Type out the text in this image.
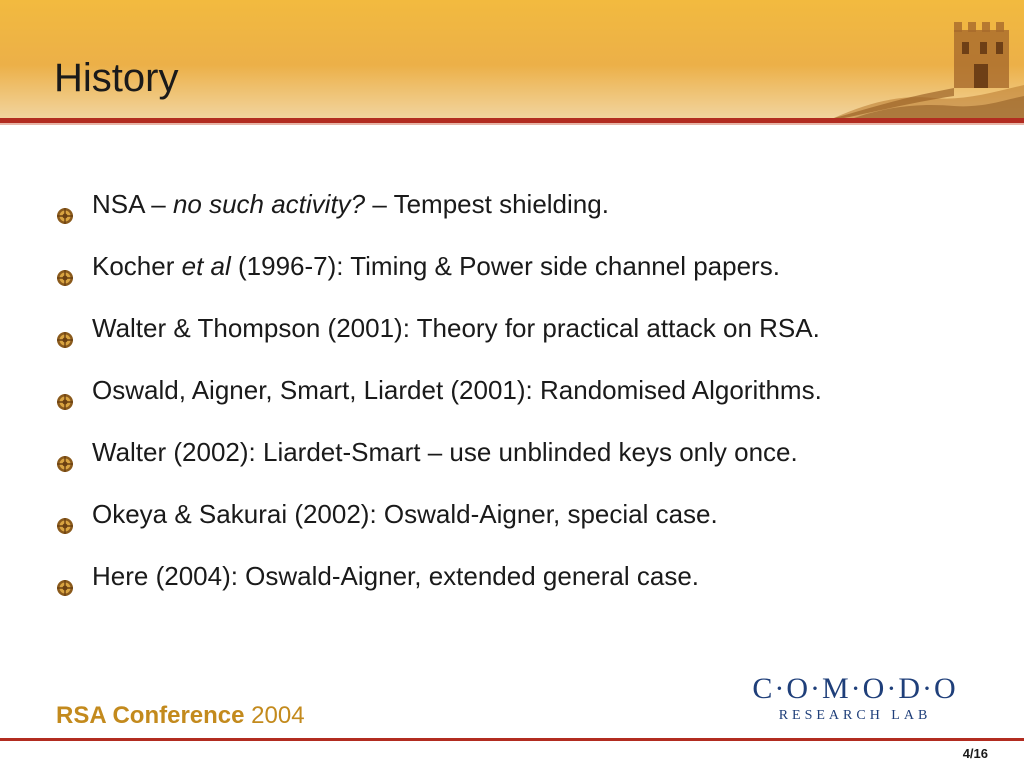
History
NSA – no such activity? – Tempest shielding.
Kocher et al (1996-7): Timing & Power side channel papers.
Walter & Thompson (2001): Theory for practical attack on RSA.
Oswald, Aigner, Smart, Liardet (2001): Randomised Algorithms.
Walter (2002): Liardet-Smart – use unblinded keys only once.
Okeya & Sakurai (2002): Oswald-Aigner, special case.
Here (2004): Oswald-Aigner, extended general case.
RSA Conference 2004
C·O·M·O·D·O
RESEARCH LAB
4/16
